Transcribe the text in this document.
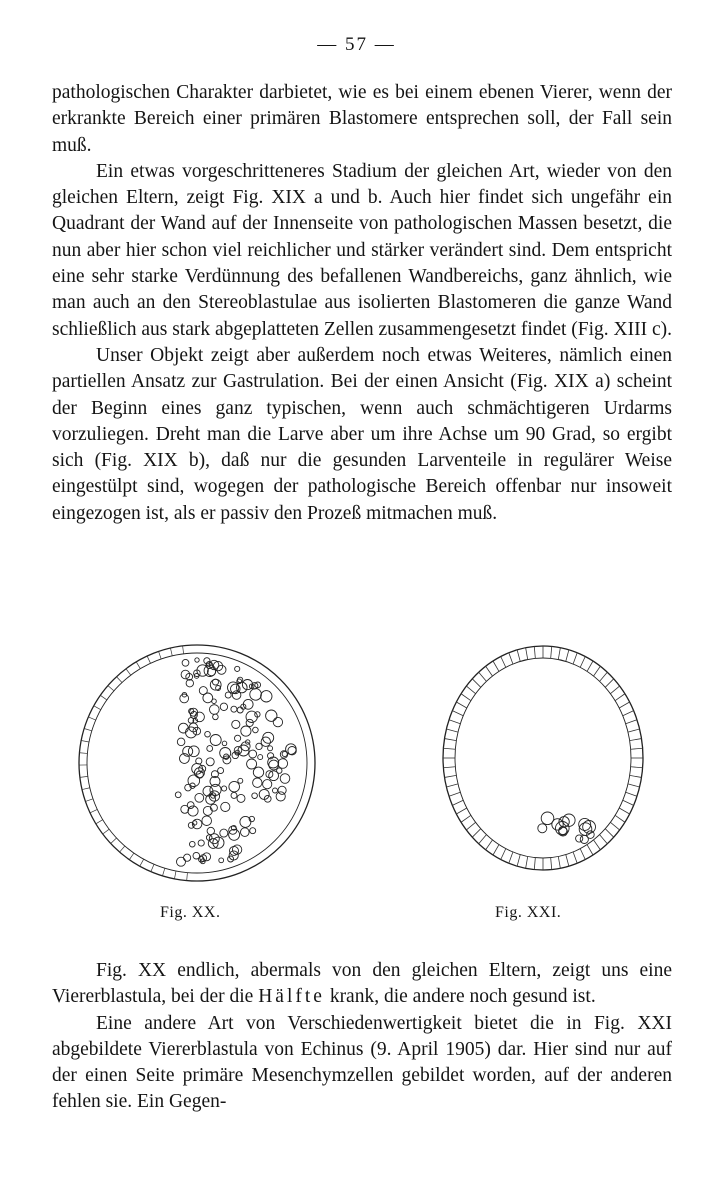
— 57 —

pathologischen Charakter darbietet, wie es bei einem ebenen Vierer, wenn der erkrankte Bereich einer primären Blastomere entsprechen soll, der Fall sein muß.

Ein etwas vorgeschritteneres Stadium der gleichen Art, wieder von den gleichen Eltern, zeigt Fig. XIX a und b. Auch hier findet sich ungefähr ein Quadrant der Wand auf der Innenseite von pathologischen Massen besetzt, die nun aber hier schon viel reichlicher und stärker verändert sind. Dem entspricht eine sehr starke Verdünnung des befallenen Wandbereichs, ganz ähnlich, wie man auch an den Stereoblastulae aus isolierten Blastomeren die ganze Wand schließlich aus stark abgeplatteten Zellen zusammengesetzt findet (Fig. XIII c).

Unser Objekt zeigt aber außerdem noch etwas Weiteres, nämlich einen partiellen Ansatz zur Gastrulation. Bei der einen Ansicht (Fig. XIX a) scheint der Beginn eines ganz typischen, wenn auch schmächtigeren Urdarms vorzuliegen. Dreht man die Larve aber um ihre Achse um 90 Grad, so ergibt sich (Fig. XIX b), daß nur die gesunden Larventeile in regulärer Weise eingestülpt sind, wogegen der pathologische Bereich offenbar nur insoweit eingezogen ist, als er passiv den Prozeß mitmachen muß.

Fig. XX.	Fig. XXI.

Fig. XX endlich, abermals von den gleichen Eltern, zeigt uns eine Viererblastula, bei der die Hälfte krank, die andere noch gesund ist.

Eine andere Art von Verschiedenwertigkeit bietet die in Fig. XXI abgebildete Viererblastula von Echinus (9. April 1905) dar. Hier sind nur auf der einen Seite primäre Mesenchymzellen gebildet worden, auf der anderen fehlen sie. Ein Gegen-
